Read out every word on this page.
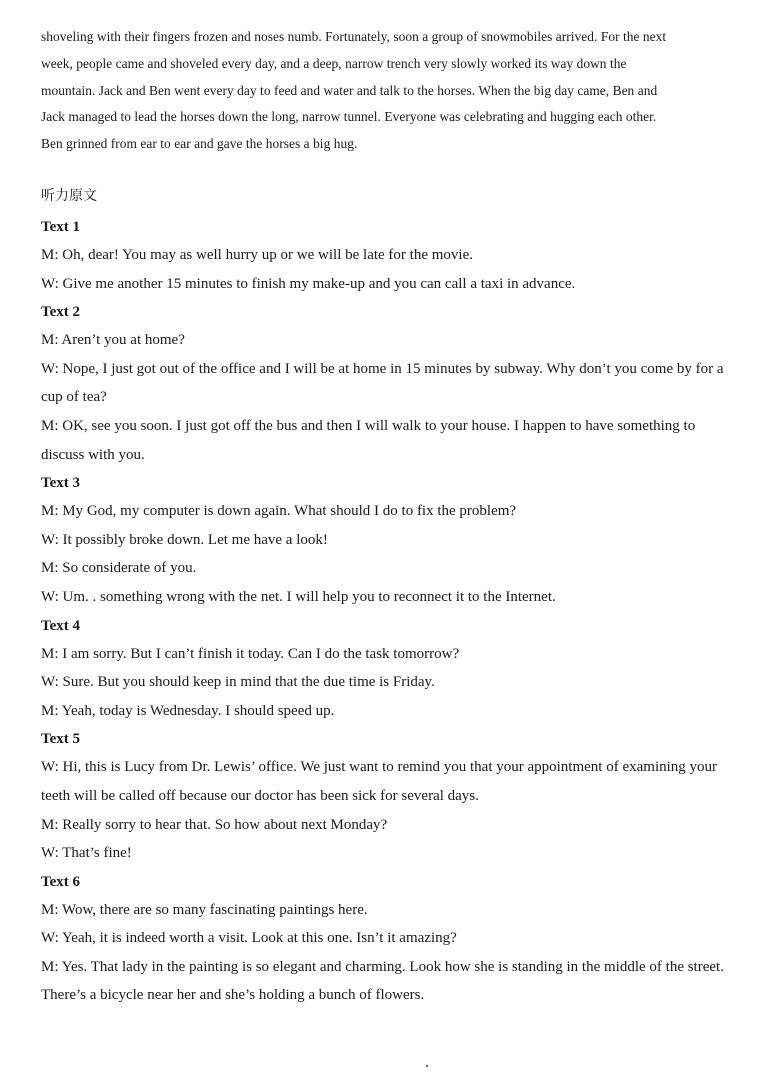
shoveling with their fingers frozen and noses numb. Fortunately, soon a group of snowmobiles arrived. For the next week, people came and shoveled every day, and a deep, narrow trench very slowly worked its way down the mountain. Jack and Ben went every day to feed and water and talk to the horses. When the big day came, Ben and Jack managed to lead the horses down the long, narrow tunnel. Everyone was celebrating and hugging each other. Ben grinned from ear to ear and gave the horses a big hug.

听力原文
Text 1
M: Oh, dear! You may as well hurry up or we will be late for the movie.
W: Give me another 15 minutes to finish my make-up and you can call a taxi in advance.
Text 2
M: Aren’t you at home?
W: Nope, I just got out of the office and I will be at home in 15 minutes by subway. Why don’t you come by for a cup of tea?
M: OK, see you soon. I just got off the bus and then I will walk to your house. I happen to have something to discuss with you.
Text 3
M: My God, my computer is down again. What should I do to fix the problem?
W: It possibly broke down. Let me have a look!
M: So considerate of you.
W: Um. . something wrong with the net. I will help you to reconnect it to the Internet.
Text 4
M: I am sorry. But I can’t finish it today. Can I do the task tomorrow?
W: Sure. But you should keep in mind that the due time is Friday.
M: Yeah, today is Wednesday. I should speed up.
Text 5
W: Hi, this is Lucy from Dr. Lewis’ office. We just want to remind you that your appointment of examining your teeth will be called off because our doctor has been sick for several days.
M: Really sorry to hear that. So how about next Monday?
W: That’s fine!
Text 6
M: Wow, there are so many fascinating paintings here.
W: Yeah, it is indeed worth a visit. Look at this one. Isn’t it amazing?
M: Yes. That lady in the painting is so elegant and charming. Look how she is standing in the middle of the street. There’s a bicycle near her and she’s holding a bunch of flowers.
